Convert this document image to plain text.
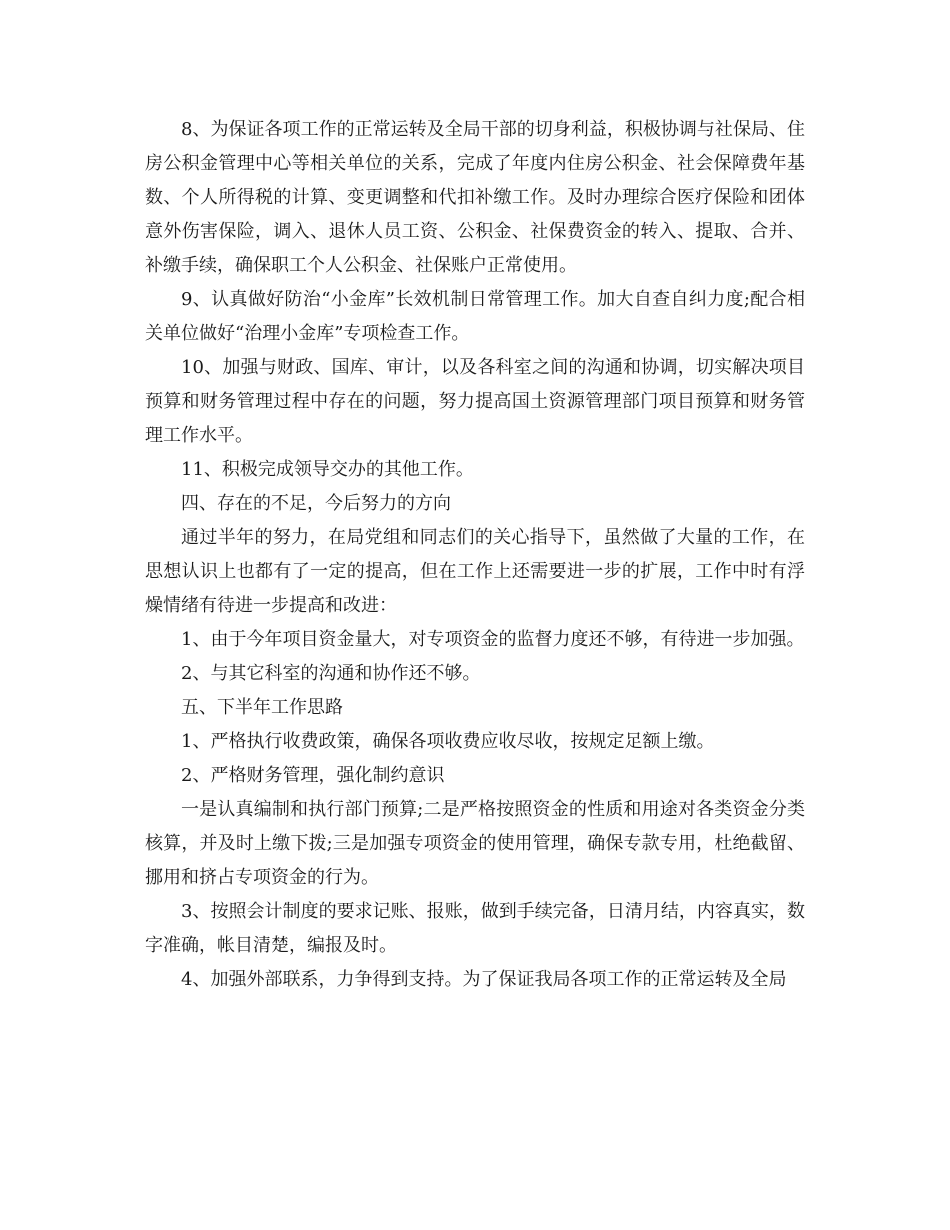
8、为保证各项工作的正常运转及全局干部的切身利益，积极协调与社保局、住房公积金管理中心等相关单位的关系，完成了年度内住房公积金、社会保障费年基数、个人所得税的计算、变更调整和代扣补缴工作。及时办理综合医疗保险和团体意外伤害保险，调入、退休人员工资、公积金、社保费资金的转入、提取、合并、补缴手续，确保职工个人公积金、社保账户正常使用。

9、认真做好防治“小金库”长效机制日常管理工作。加大自查自纠力度;配合相关单位做好“治理小金库”专项检查工作。

10、加强与财政、国库、审计，以及各科室之间的沟通和协调，切实解决项目预算和财务管理过程中存在的问题，努力提高国土资源管理部门项目预算和财务管理工作水平。

11、积极完成领导交办的其他工作。

四、存在的不足，今后努力的方向

通过半年的努力，在局党组和同志们的关心指导下，虽然做了大量的工作，在思想认识上也都有了一定的提高，但在工作上还需要进一步的扩展，工作中时有浮燥情绪有待进一步提高和改进：

1、由于今年项目资金量大，对专项资金的监督力度还不够，有待进一步加强。

2、与其它科室的沟通和协作还不够。

五、下半年工作思路

1、严格执行收费政策，确保各项收费应收尽收，按规定足额上缴。

2、严格财务管理，强化制约意识

一是认真编制和执行部门预算;二是严格按照资金的性质和用途对各类资金分类核算，并及时上缴下拨;三是加强专项资金的使用管理，确保专款专用，杜绝截留、挪用和挤占专项资金的行为。

3、按照会计制度的要求记账、报账，做到手续完备，日清月结，内容真实，数字准确，帐目清楚，编报及时。

4、加强外部联系，力争得到支持。为了保证我局各项工作的正常运转及全局
